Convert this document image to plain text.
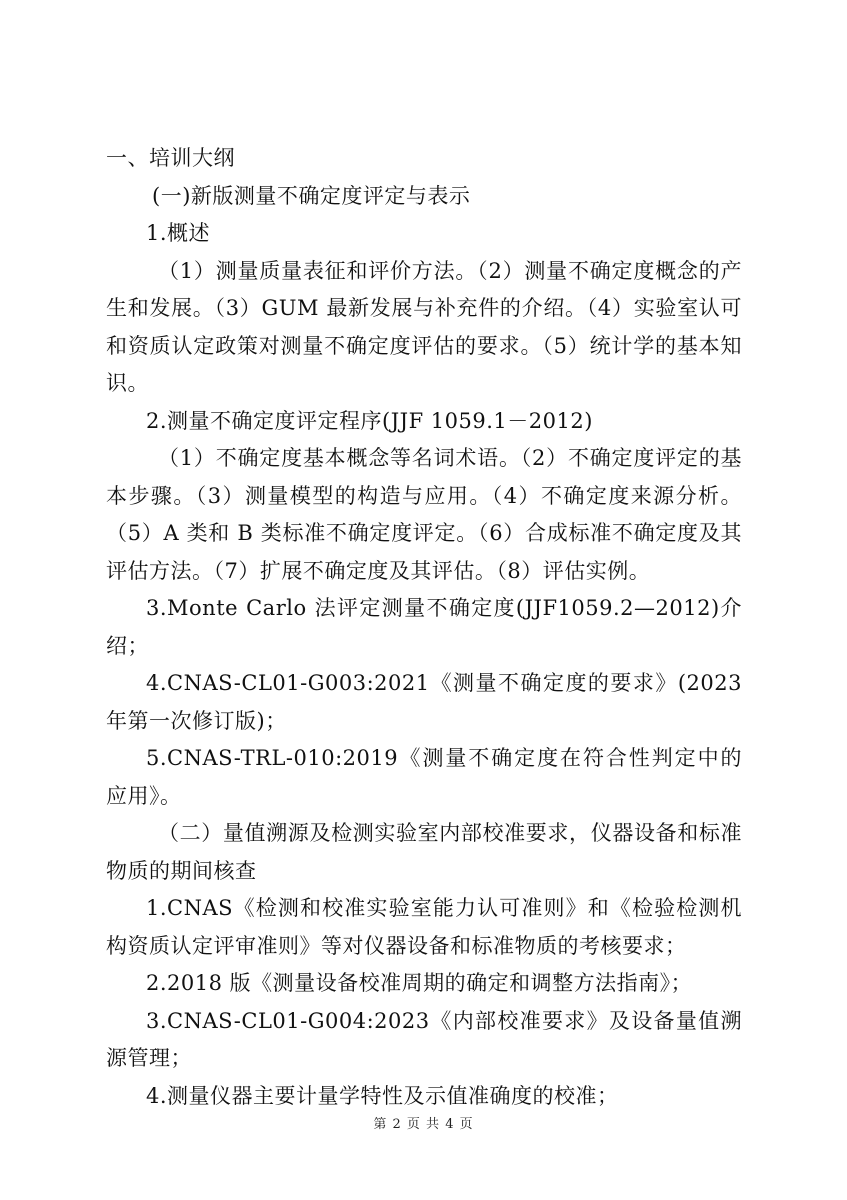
一、培训大纲

(一)新版测量不确定度评定与表示

1.概述

（1）测量质量表征和评价方法。（2）测量不确定度概念的产生和发展。（3）GUM 最新发展与补充件的介绍。（4）实验室认可和资质认定政策对测量不确定度评估的要求。（5）统计学的基本知识。

2.测量不确定度评定程序(JJF 1059.1－2012)

（1）不确定度基本概念等名词术语。（2）不确定度评定的基本步骤。（3）测量模型的构造与应用。（4）不确定度来源分析。（5）A 类和 B 类标准不确定度评定。（6）合成标准不确定度及其评估方法。（7）扩展不确定度及其评估。（8）评估实例。

3.Monte Carlo 法评定测量不确定度(JJF1059.2—2012)介绍；

4.CNAS-CL01-G003:2021《测量不确定度的要求》(2023 年第一次修订版)；

5.CNAS-TRL-010:2019《测量不确定度在符合性判定中的应用》。

（二）量值溯源及检测实验室内部校准要求，仪器设备和标准物质的期间核查

1.CNAS《检测和校准实验室能力认可准则》和《检验检测机构资质认定评审准则》等对仪器设备和标准物质的考核要求；

2.2018 版《测量设备校准周期的确定和调整方法指南》；

3.CNAS-CL01-G004:2023《内部校准要求》及设备量值溯源管理；

4.测量仪器主要计量学特性及示值准确度的校准；

第 2 页 共 4 页
